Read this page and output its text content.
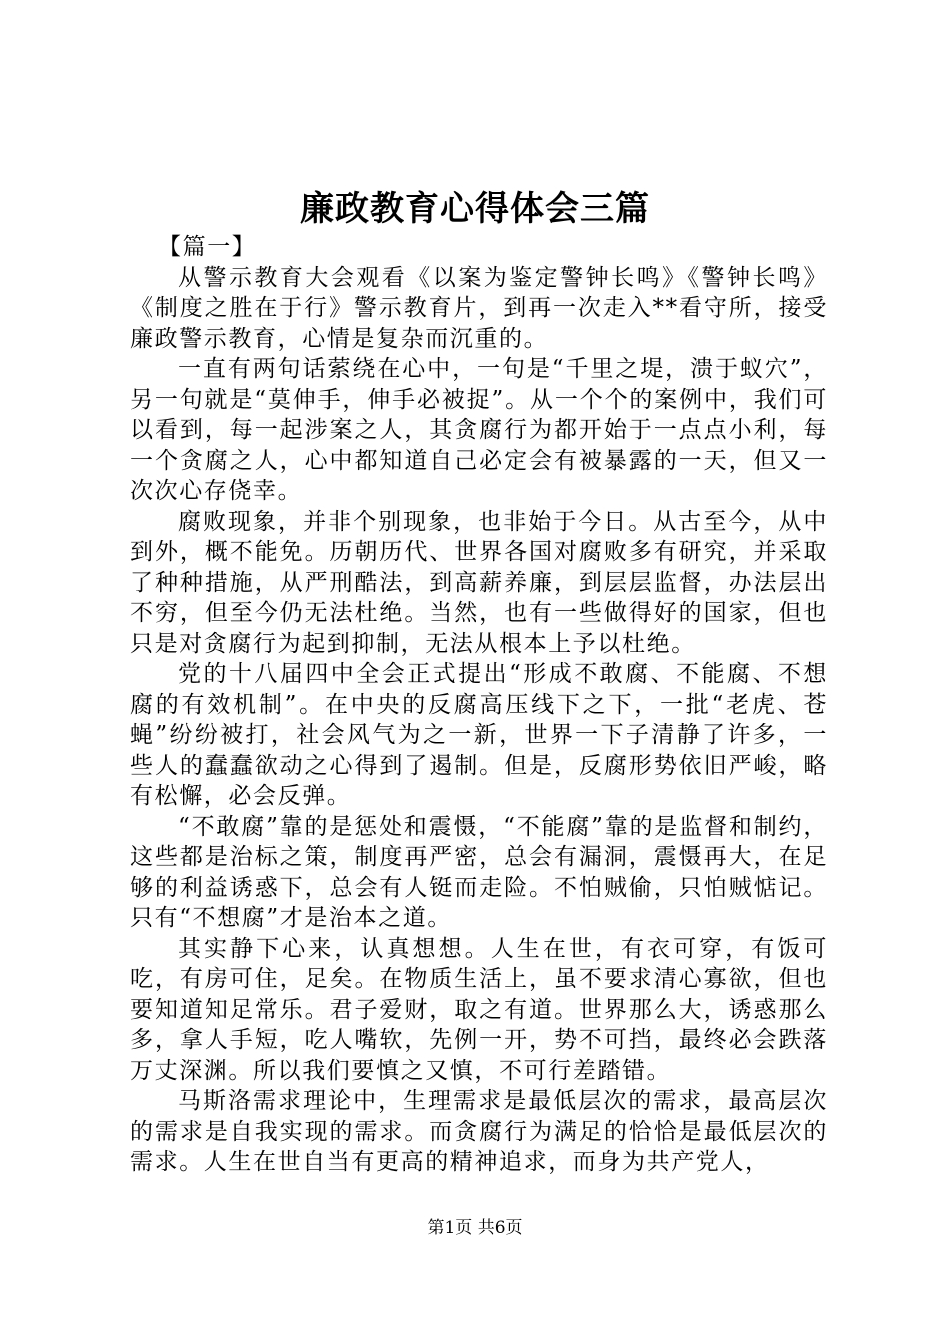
廉政教育心得体会三篇

【篇一】

从警示教育大会观看《以案为鉴定警钟长鸣》《警钟长鸣》《制度之胜在于行》警示教育片，到再一次走入**看守所，接受廉政警示教育，心情是复杂而沉重的。

一直有两句话萦绕在心中，一句是“千里之堤，溃于蚁穴”，另一句就是“莫伸手，伸手必被捉”。从一个个的案例中，我们可以看到，每一起涉案之人，其贪腐行为都开始于一点点小利，每一个贪腐之人，心中都知道自己必定会有被暴露的一天，但又一次次心存侥幸。

腐败现象，并非个别现象，也非始于今日。从古至今，从中到外，概不能免。历朝历代、世界各国对腐败多有研究，并采取了种种措施，从严刑酷法，到高薪养廉，到层层监督，办法层出不穷，但至今仍无法杜绝。当然，也有一些做得好的国家，但也只是对贪腐行为起到抑制，无法从根本上予以杜绝。

党的十八届四中全会正式提出“形成不敢腐、不能腐、不想腐的有效机制”。在中央的反腐高压线下之下，一批“老虎、苍蝇”纷纷被打，社会风气为之一新，世界一下子清静了许多，一些人的蠢蠢欲动之心得到了遏制。但是，反腐形势依旧严峻，略有松懈，必会反弹。

“不敢腐”靠的是惩处和震慑，“不能腐”靠的是监督和制约，这些都是治标之策，制度再严密，总会有漏洞，震慑再大，在足够的利益诱惑下，总会有人铤而走险。不怕贼偷，只怕贼惦记。只有“不想腐”才是治本之道。

其实静下心来，认真想想。人生在世，有衣可穿，有饭可吃，有房可住，足矣。在物质生活上，虽不要求清心寡欲，但也要知道知足常乐。君子爱财，取之有道。世界那么大，诱惑那么多，拿人手短，吃人嘴软，先例一开，势不可挡，最终必会跌落万丈深渊。所以我们要慎之又慎，不可行差踏错。

马斯洛需求理论中，生理需求是最低层次的需求，最高层次的需求是自我实现的需求。而贪腐行为满足的恰恰是最低层次的需求。人生在世自当有更高的精神追求，而身为共产党人，

第1页 共6页
